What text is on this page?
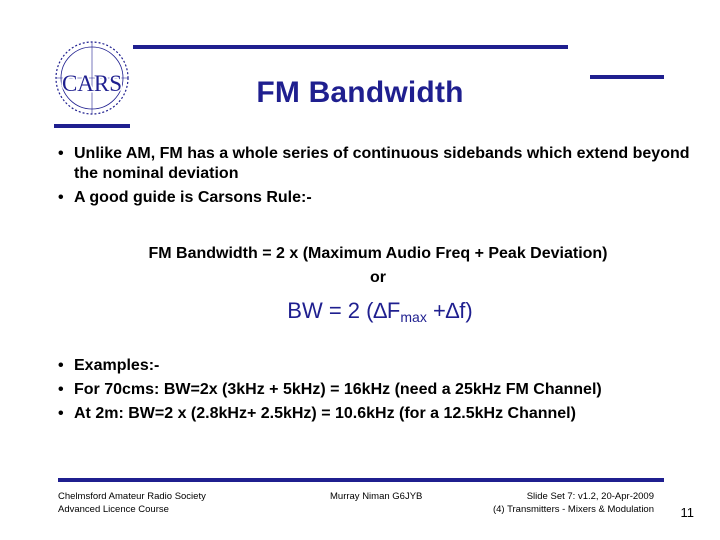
CARS	FM Bandwidth
• Unlike AM, FM has a whole series of continuous sidebands which extend beyond the nominal deviation
• A good guide is Carsons Rule:-
FM Bandwidth = 2 x (Maximum Audio Freq + Peak Deviation)
or
BW = 2 $(\Delta F_{max} +\Delta f)$
• Examples:-
• For 70cms: BW=2x (3kHz + 5kHz) = 16kHz (need a 25kHz FM Channel)
• At 2m: BW=2 x (2.8kHz+ 2.5kHz) = 10.6kHz (for a 12.5kHz Channel)
Chelmsford Amateur Radio Society
Advanced Licence Course
Murray Niman G6JYB	Slide Set 7: v1.2, 20-Apr-2009
(4) Transmitters - Mixers & Modulation	11
